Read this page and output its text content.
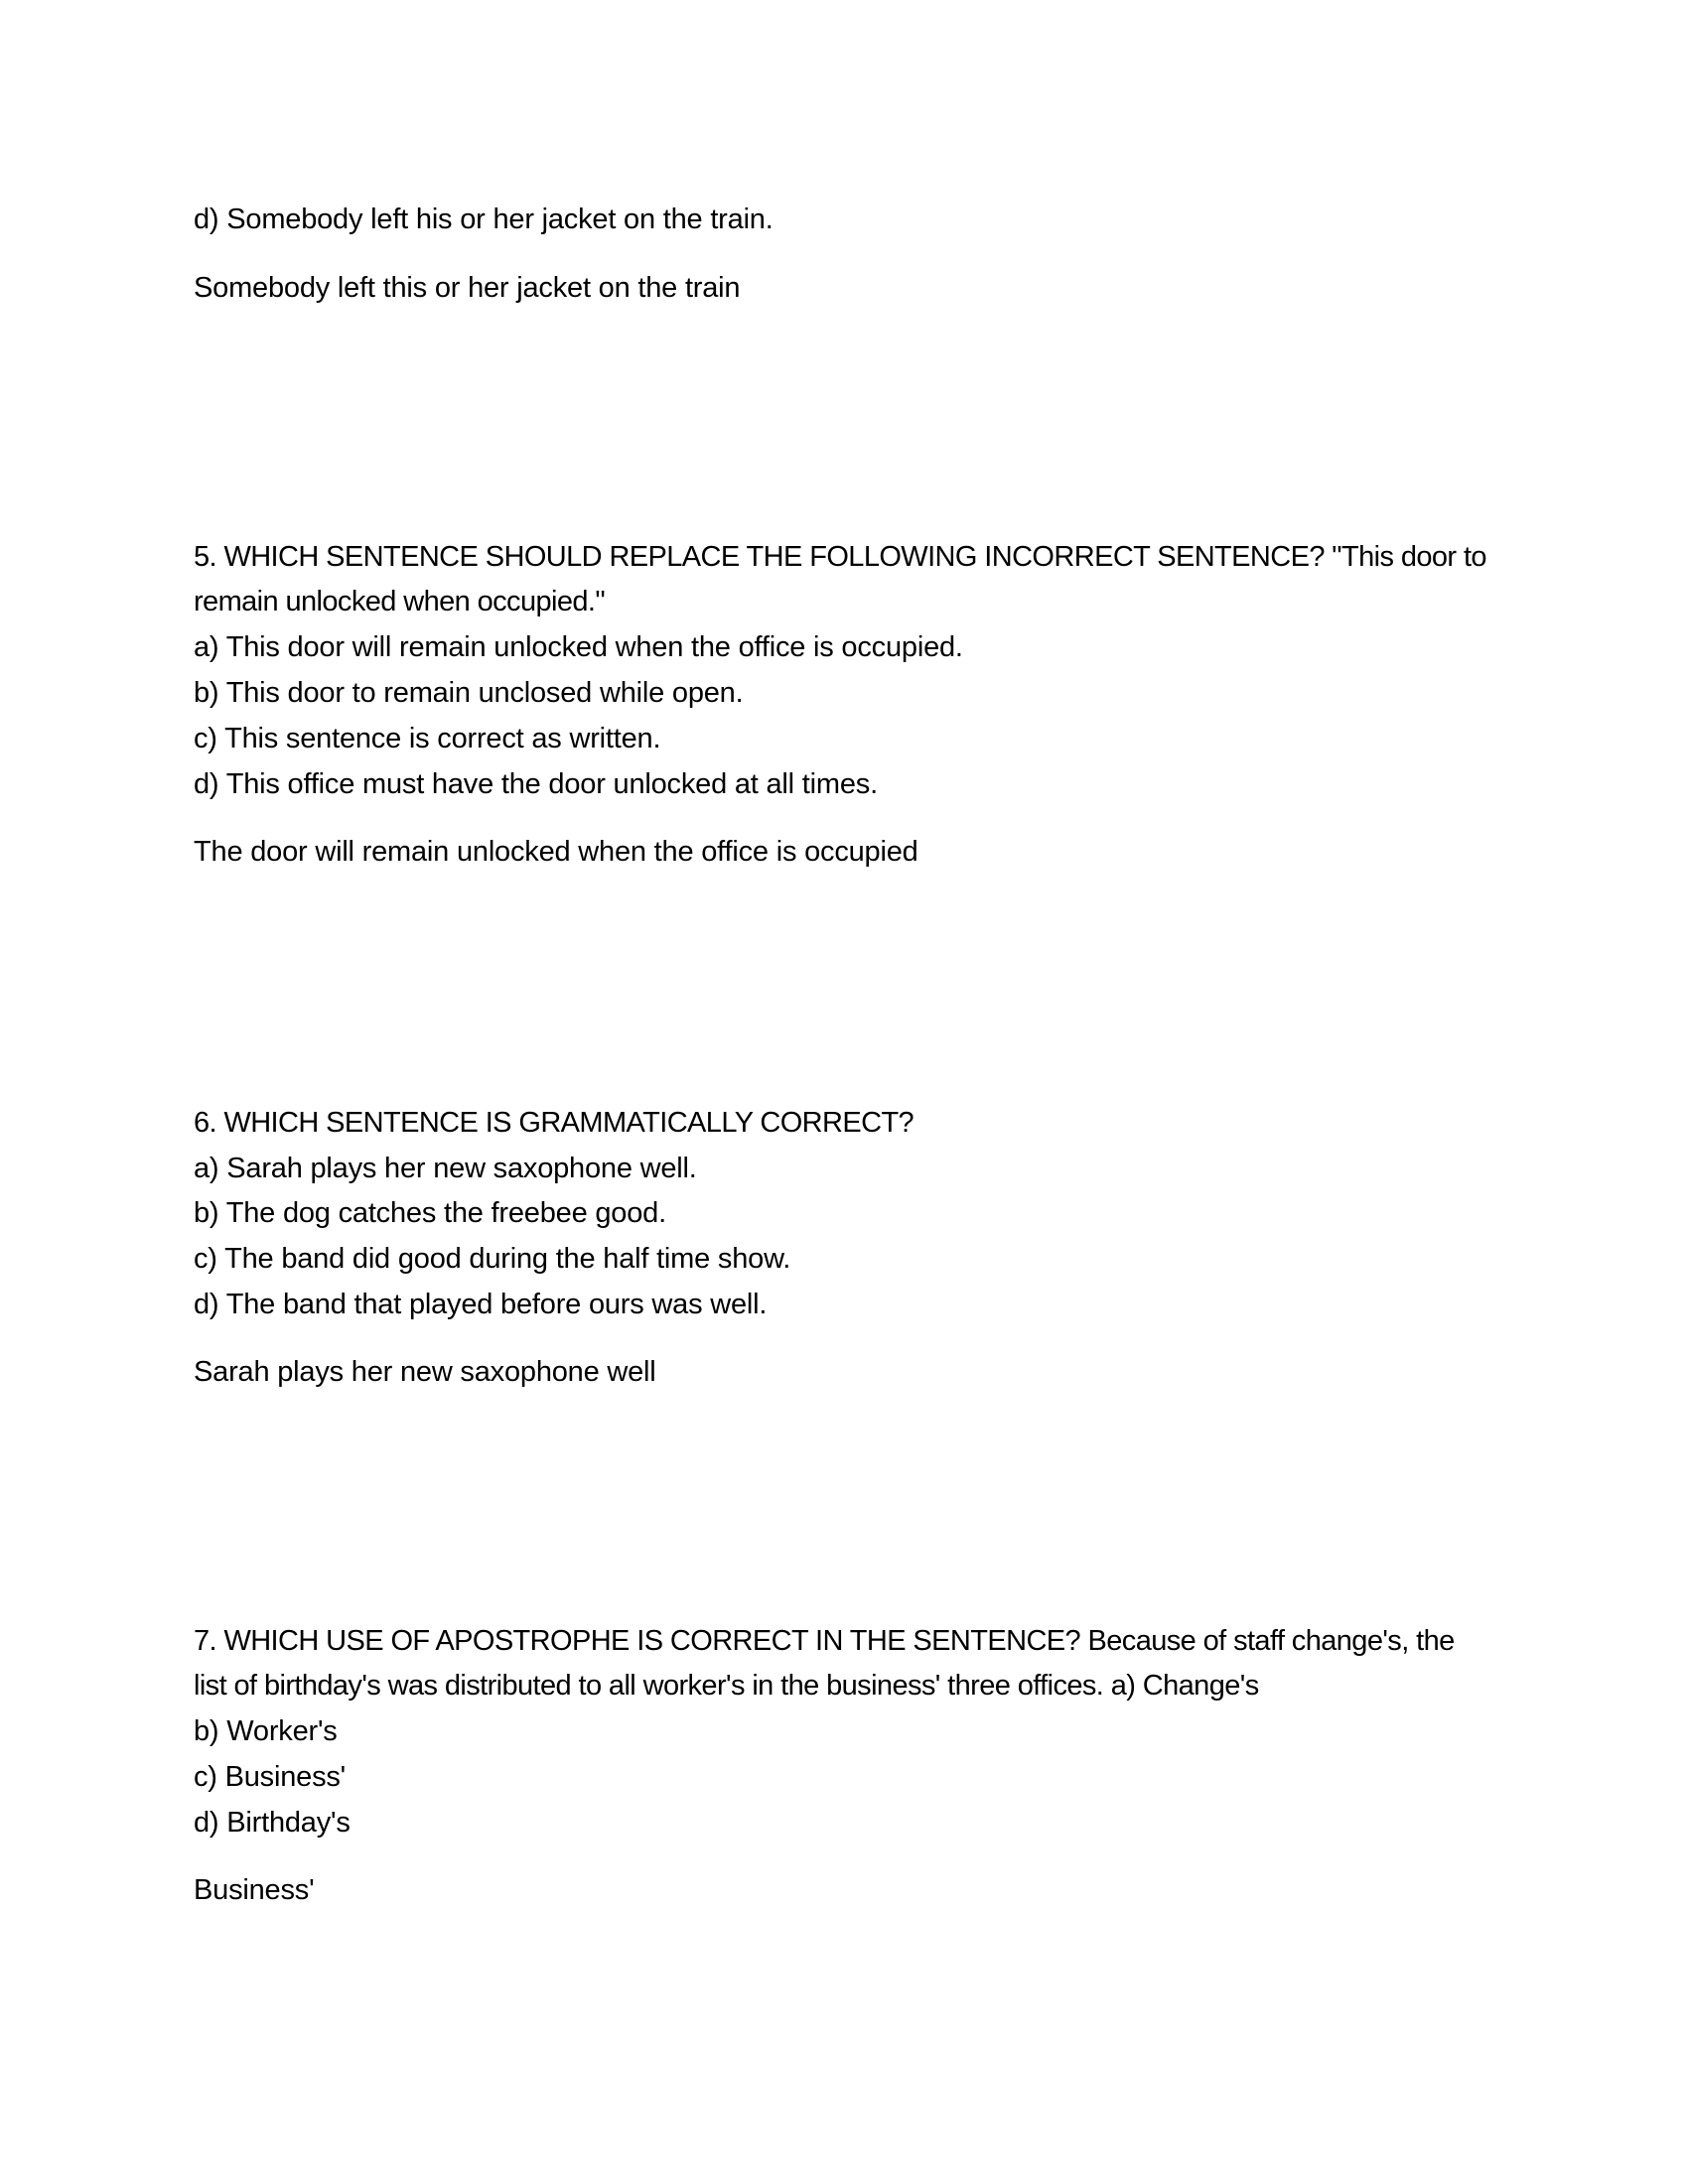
d) Somebody left his or her jacket on the train.
Somebody left this or her jacket on the train
5. WHICH SENTENCE SHOULD REPLACE THE FOLLOWING INCORRECT SENTENCE? "This door to
remain unlocked when occupied."
a) This door will remain unlocked when the office is occupied.
b) This door to remain unclosed while open.
c) This sentence is correct as written.
d) This office must have the door unlocked at all times.
The door will remain unlocked when the office is occupied
6. WHICH SENTENCE IS GRAMMATICALLY CORRECT?
a) Sarah plays her new saxophone well.
b) The dog catches the freebee good.
c) The band did good during the half time show.
d) The band that played before ours was well.
Sarah plays her new saxophone well
7. WHICH USE OF APOSTROPHE IS CORRECT IN THE SENTENCE? Because of staff change's, the
list of birthday's was distributed to all worker's in the business' three offices. a) Change's
b) Worker's
c) Business'
d) Birthday's
Business'
